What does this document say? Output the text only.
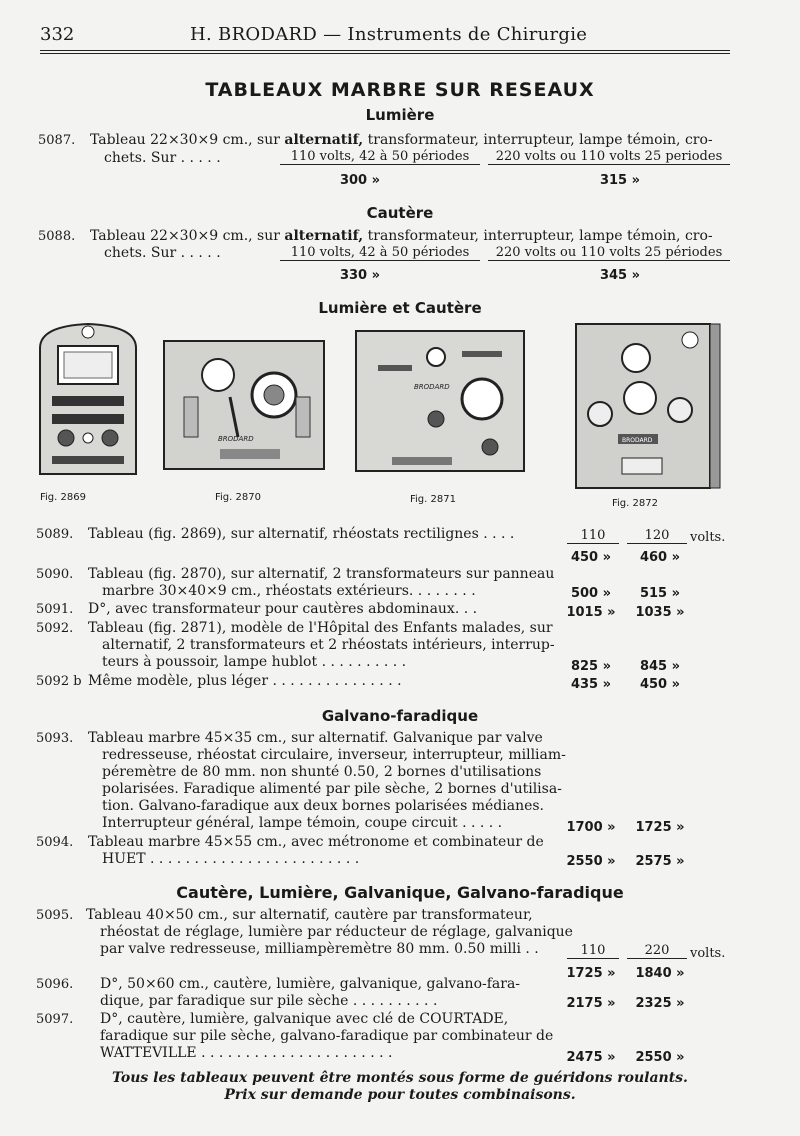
332	H. BRODARD — Instruments de Chirurgie
TABLEAUX MARBRE SUR RESEAUX
Lumière
5087. Tableau 22×30×9 cm., sur alternatif, transformateur, interrupteur, lampe témoin, cro-
chets. Sur . . . . .	110 volts, 42 à 50 périodes	220 volts ou 110 volts 25 periodes
300 »	315 »
Cautère
5088. Tableau 22×30×9 cm., sur alternatif, transformateur, interrupteur, lampe témoin, cro-
chets. Sur . . . . .	110 volts, 42 à 50 périodes	220 volts ou 110 volts 25 périodes
330 »	345 »
Lumière et Cautère
BRODARD
BRODARD
BRODARD
Fig. 2869	Fig. 2870	Fig. 2871	Fig. 2872
110	120	volts.
5089. Tableau (fig. 2869), sur alternatif, rhéostats rectilignes . . . .
450 »	460 »
5090. Tableau (fig. 2870), sur alternatif, 2 transformateurs sur panneau
marbre 30×40×9 cm., rhéostats extérieurs. . . . . . . .	500 »	515 »
5091. D°, avec transformateur pour cautères abdominaux. . .	1015 »	1035 »
5092. Tableau (fig. 2871), modèle de l'Hôpital des Enfants malades, sur
alternatif, 2 transformateurs et 2 rhéostats intérieurs, interrup-
teurs à poussoir, lampe hublot . . . . . . . . . .	825 »	845 »
5092 b Même modèle, plus léger . . . . . . . . . . . . . . .	435 »	450 »
Galvano-faradique
5093. Tableau marbre 45×35 cm., sur alternatif. Galvanique par valve
redresseuse, rhéostat circulaire, inverseur, interrupteur, milliam-
péremètre de 80 mm. non shunté 0.50, 2 bornes d'utilisations
polarisées. Faradique alimenté par pile sèche, 2 bornes d'utilisa-
tion. Galvano-faradique aux deux bornes polarisées médianes.
Interrupteur général, lampe témoin, coupe circuit . . . . .	1700 »	1725 »
5094. Tableau marbre 45×55 cm., avec métronome et combinateur de
HUET . . . . . . . . . . . . . . . . . . . . . . . .	2550 »	2575 »
Cautère, Lumière, Galvanique, Galvano-faradique
110	220	volts.
5095. Tableau 40×50 cm., sur alternatif, cautère par transformateur,
rhéostat de réglage, lumière par réducteur de réglage, galvanique
par valve redresseuse, milliampèremètre 80 mm. 0.50 milli . .
1725 »	1840 »
5096. D°, 50×60 cm., cautère, lumière, galvanique, galvano-fara-
dique, par faradique sur pile sèche . . . . . . . . . .	2175 »	2325 »
5097. D°, cautère, lumière, galvanique avec clé de COURTADE,
faradique sur pile sèche, galvano-faradique par combinateur de
WATTEVILLE . . . . . . . . . . . . . . . . . . . . . .	2475 »	2550 »
Tous les tableaux peuvent être montés sous forme de guéridons roulants.
Prix sur demande pour toutes combinaisons.
